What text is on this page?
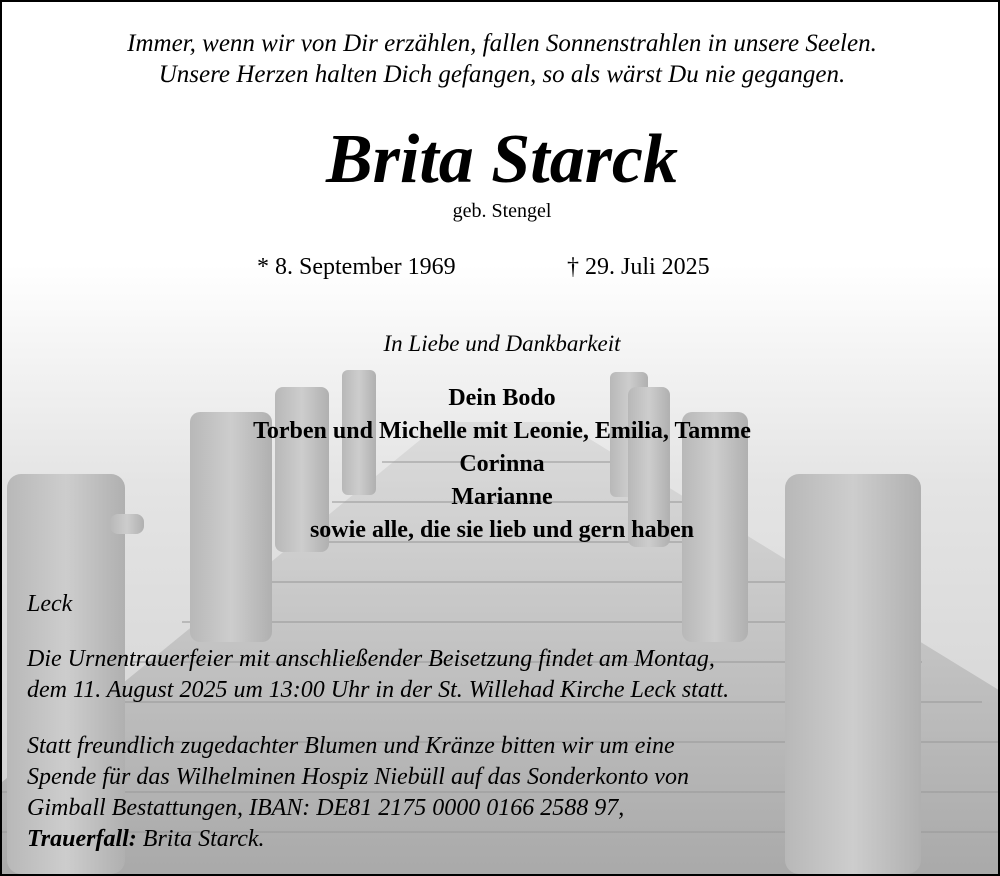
Immer, wenn wir von Dir erzählen, fallen Sonnenstrahlen in unsere Seelen.
Unsere Herzen halten Dich gefangen, so als wärst Du nie gegangen.
Brita Starck
geb. Stengel
* 8. September 1969	† 29. Juli 2025
In Liebe und Dankbarkeit
Dein Bodo
Torben und Michelle mit Leonie, Emilia, Tamme
Corinna
Marianne
sowie alle, die sie lieb und gern haben
Leck
Die Urnentrauerfeier mit anschließender Beisetzung findet am Montag,
dem 11. August 2025 um 13:00 Uhr in der St. Willehad Kirche Leck statt.
Statt freundlich zugedachter Blumen und Kränze bitten wir um eine
Spende für das Wilhelminen Hospiz Niebüll auf das Sonderkonto von
Gimball Bestattungen, IBAN: DE81 2175 0000 0166 2588 97,
Trauerfall: Brita Starck.
